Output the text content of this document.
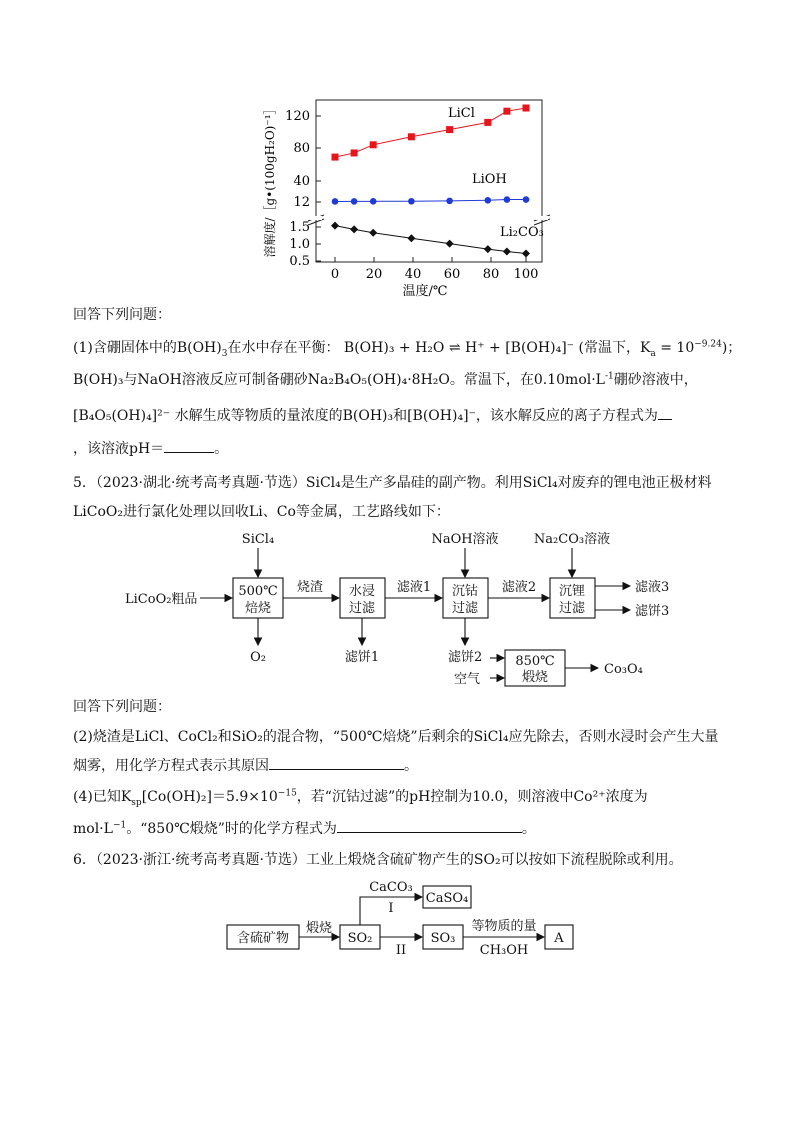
120
80
40
12
1.5
1.0
0.5
0 20 40 60 80 100
温度/℃
溶解度/［g•(100gH₂O)⁻¹］	LiCl
LiOH
Li₂CO₃
回答下列问题：
(1)含硼固体中的$B(OH)_3$在水中存在平衡： B(OH)₃ + H₂O ⇌ H⁺ + [B(OH)₄]⁻ (常温下，$K_a = 10^{-9.24}$)；
B(OH)₃与NaOH溶液反应可制备硼砂Na₂B₄O₅(OH)₄·8H₂O。常温下，在$0.10mol\cdot L^{-1}$硼砂溶液中，
[B₄O₅(OH)₄]²⁻ 水解生成等物质的量浓度的B(OH)₃和[B(OH)₄]⁻，该水解反应的离子方程式为
，该溶液pH＝	。
5．（2023·湖北·统考高考真题·节选）SiCl₄是生产多晶硅的副产物。利用SiCl₄对废弃的锂电池正极材料
LiCoO₂进行氯化处理以回收Li、Co等金属，工艺路线如下：
SiCl₄	NaOH溶液	Na₂CO₃溶液
LiCoO₂粗品
500℃
焙烧
烧渣 水浸
过滤
滤液1 沉钴
过滤
滤液2 沉锂
过滤
滤液3
滤饼3
O₂	滤饼1	滤饼2
空气
850℃
煅烧
Co₃O₄
回答下列问题：
(2)烧渣是LiCl、CoCl₂和SiO₂的混合物，“500℃焙烧”后剩余的SiCl₄应先除去，否则水浸时会产生大量
烟雾，用化学方程式表示其原因	。
(4)已知$K_{sp}[Co(OH)_2]=5.9\times 10^{-15}$，若“沉钴过滤”的pH控制为10.0，则溶液中Co²⁺浓度为
$mol\cdot L^{-1}$。“850℃煅烧”时的化学方程式为	。
6．（2023·浙江·统考高考真题·节选）工业上煅烧含硫矿物产生的SO₂可以按如下流程脱除或利用。
含硫矿物
煅烧
SO₂
CaCO₃
I
CaSO₄
II
SO₃
等物质的量
CH₃OH
A
